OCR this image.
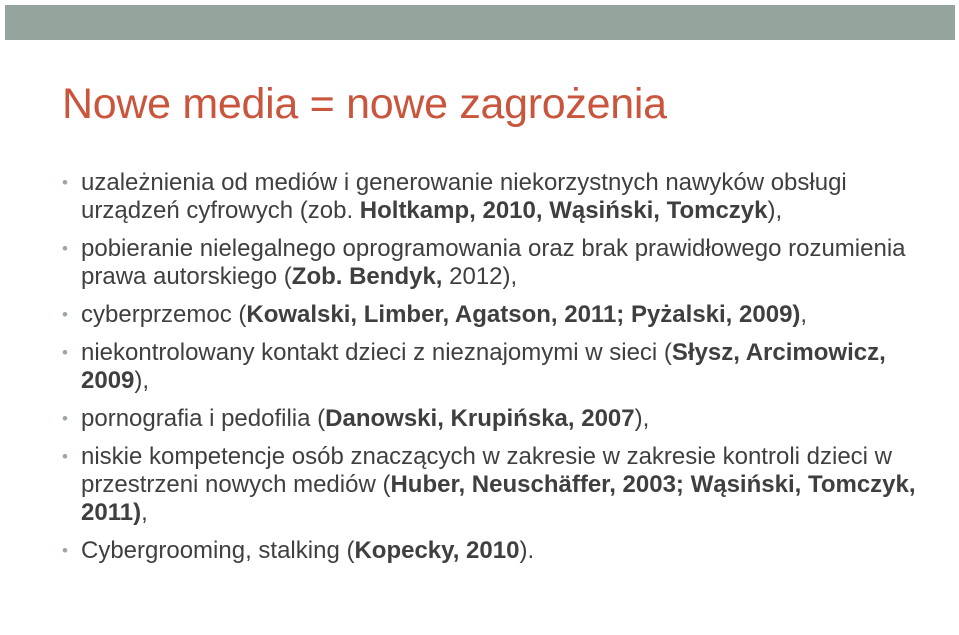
Nowe media = nowe zagrożenia
• uzależnienia od mediów i generowanie niekorzystnych nawyków obsługi urządzeń cyfrowych (zob. Holtkamp, 2010, Wąsiński, Tomczyk),
• pobieranie nielegalnego oprogramowania oraz brak prawidłowego rozumienia prawa autorskiego (Zob. Bendyk, 2012),
• cyberprzemoc (Kowalski, Limber, Agatson, 2011; Pyżalski, 2009),
• niekontrolowany kontakt dzieci z nieznajomymi w sieci (Słysz, Arcimowicz, 2009),
• pornografia i pedofilia (Danowski, Krupińska, 2007),
• niskie kompetencje osób znaczących w zakresie w zakresie kontroli dzieci w przestrzeni nowych mediów (Huber, Neuschäffer, 2003; Wąsiński, Tomczyk, 2011),
• Cybergrooming, stalking (Kopecky, 2010).
